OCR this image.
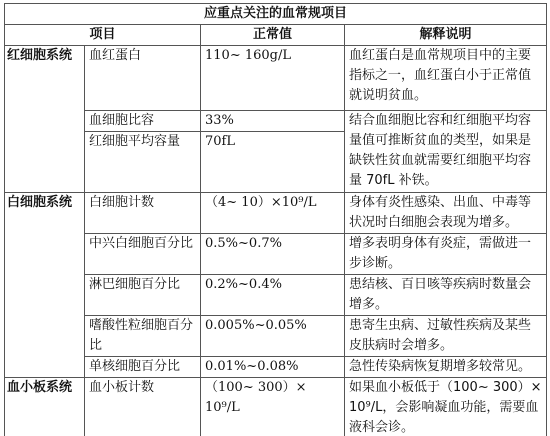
应重点关注的血常规项目			
项目		正常值	解释说明
红细胞系统	血红蛋白	110~ 160g/L	血红蛋白是血常规项目中的主要指标之一，血红蛋白小于正常值就说明贫血。
	血细胞比容	33%	结合血细胞比容和红细胞平均容量值可推断贫血的类型，如果是缺铁性贫血就需要红细胞平均容量 70fL 补铁。
	红细胞平均容量	70fL	
白细胞系统	白细胞计数	（4~ 10）×10⁹/L	身体有炎性感染、出血、中毒等状况时白细胞会表现为增多。
	中兴白细胞百分比	0.5%~0.7%	增多表明身体有炎症，需做进一步诊断。
	淋巴细胞百分比	0.2%~0.4%	患结核、百日咳等疾病时数量会增多。
	嗜酸性粒细胞百分比	0.005%~0.05%	患寄生虫病、过敏性疾病及某些皮肤病时会增多。
	单核细胞百分比	0.01%~0.08%	急性传染病恢复期增多较常见。
血小板系统	血小板计数	（100~ 300）× 10⁹/L	如果血小板低于（100~ 300）×10⁹/L，会影响凝血功能，需要血液科会诊。
